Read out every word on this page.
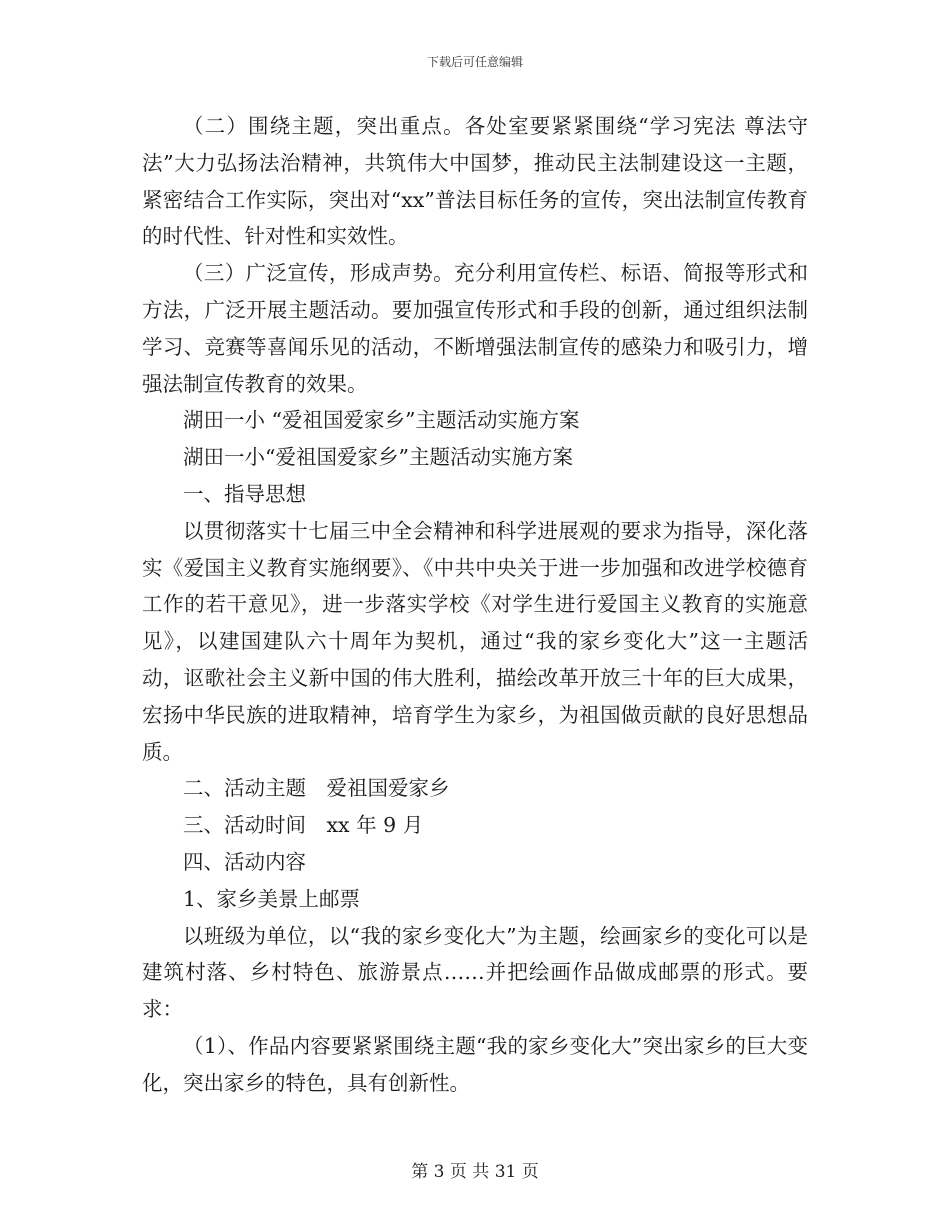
下载后可任意编辑

（二）围绕主题，突出重点。各处室要紧紧围绕“学习宪法 尊法守法”大力弘扬法治精神，共筑伟大中国梦，推动民主法制建设这一主题，紧密结合工作实际，突出对“xx”普法目标任务的宣传，突出法制宣传教育的时代性、针对性和实效性。

（三）广泛宣传，形成声势。充分利用宣传栏、标语、简报等形式和方法，广泛开展主题活动。要加强宣传形式和手段的创新，通过组织法制学习、竞赛等喜闻乐见的活动，不断增强法制宣传的感染力和吸引力，增强法制宣传教育的效果。

湖田一小 “爱祖国爱家乡”主题活动实施方案

湖田一小“爱祖国爱家乡”主题活动实施方案

一、指导思想

以贯彻落实十七届三中全会精神和科学进展观的要求为指导，深化落实《爱国主义教育实施纲要》、《中共中央关于进一步加强和改进学校德育工作的若干意见》，进一步落实学校《对学生进行爱国主义教育的实施意见》，以建国建队六十周年为契机，通过“我的家乡变化大”这一主题活动，讴歌社会主义新中国的伟大胜利，描绘改革开放三十年的巨大成果，宏扬中华民族的进取精神，培育学生为家乡，为祖国做贡献的良好思想品质。

二、活动主题　爱祖国爱家乡

三、活动时间　xx 年 9 月

四、活动内容

1、家乡美景上邮票

以班级为单位，以“我的家乡变化大”为主题，绘画家乡的变化可以是建筑村落、乡村特色、旅游景点……并把绘画作品做成邮票的形式。要求：

（1）、作品内容要紧紧围绕主题“我的家乡变化大”突出家乡的巨大变化，突出家乡的特色，具有创新性。

第 3 页 共 31 页
